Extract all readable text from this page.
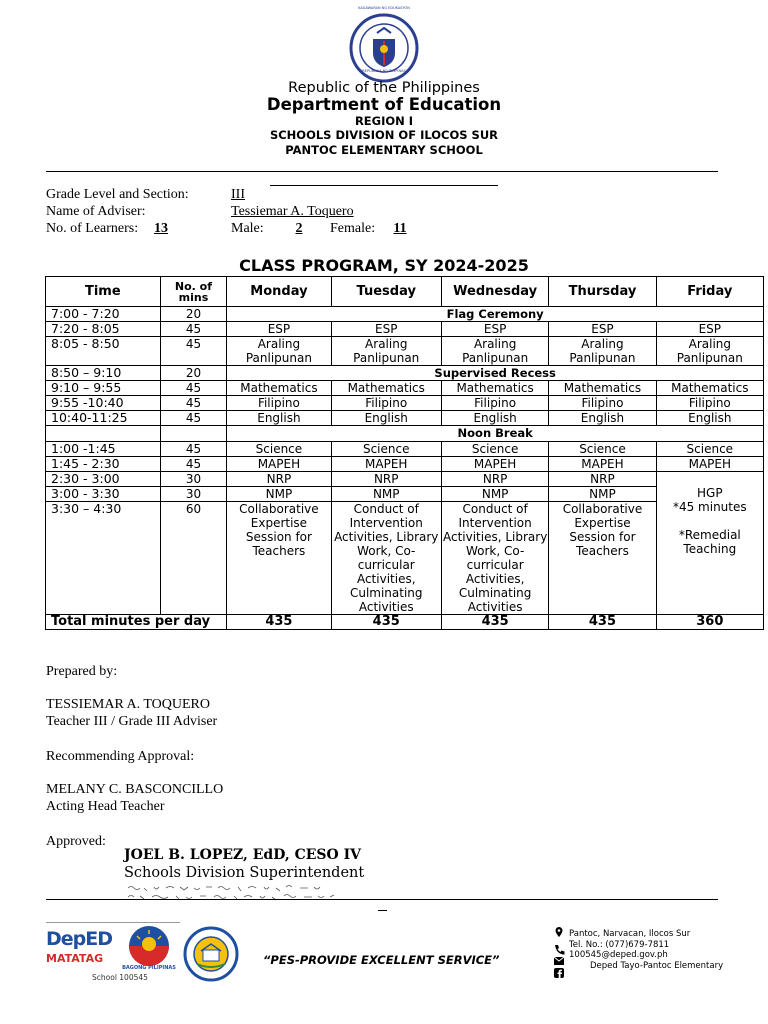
KAGAWARAN NG EDUKASYON
REPUBLIKA NG PILIPINAS
Republic of the Philippines
Department of Education
REGION I
SCHOOLS DIVISION OF ILOCOS SUR
PANTOC ELEMENTARY SCHOOL
Grade Level and Section:	III
Name of Adviser:	Tessiemar A. Toquero
No. of Learners: 13	Male:	2	Female:	11
CLASS PROGRAM, SY 2024-2025
Time	No. of mins	Monday	Tuesday	Wednesday	Thursday	Friday
7:00 - 7:20	20	Flag Ceremony				
7:20 - 8:05	45	ESP	ESP	ESP	ESP	ESP
8:05 - 8:50	45	Araling Panlipunan	Araling Panlipunan	Araling Panlipunan	Araling Panlipunan	Araling Panlipunan
8:50 – 9:10	20	Supervised Recess				
9:10 – 9:55	45	Mathematics	Mathematics	Mathematics	Mathematics	Mathematics
9:55 -10:40	45	Filipino	Filipino	Filipino	Filipino	Filipino
10:40-11:25	45	English	English	English	English	English
		Noon Break				
1:00 -1:45	45	Science	Science	Science	Science	Science
1:45 - 2:30	45	MAPEH	MAPEH	MAPEH	MAPEH	MAPEH
2:30 - 3:00	30	NRP	NRP	NRP	NRP	HGP
*45 minutes
*Remedial Teaching

3:00 - 3:30	30	NMP	NMP	NMP	NMP	
3:30 – 4:30	60	Collaborative Expertise Session for Teachers	Conduct of Intervention Activities, Library Work, Co-curricular Activities, Culminating Activities	Conduct of Intervention Activities, Library Work, Co-curricular Activities, Culminating Activities	Collaborative Expertise Session for Teachers	
Total minutes per day		435	435	435	435	360
Prepared by:
TESSIEMAR A. TOQUERO
Teacher III / Grade III Adviser
Recommending Approval:
MELANY C. BASCONCILLO
Acting Head Teacher
Approved:
JOEL B. LOPEZ, EdD, CESO IV
Schools Division Superintendent
DepED
MATATAG
BAGONG PILIPINAS
School 100545
“PES-PROVIDE EXCELLENT SERVICE”
Pantoc, Narvacan, Ilocos Sur
Tel. No.: (077)679-7811
100545@deped.gov.ph
Deped Tayo-Pantoc Elementary
